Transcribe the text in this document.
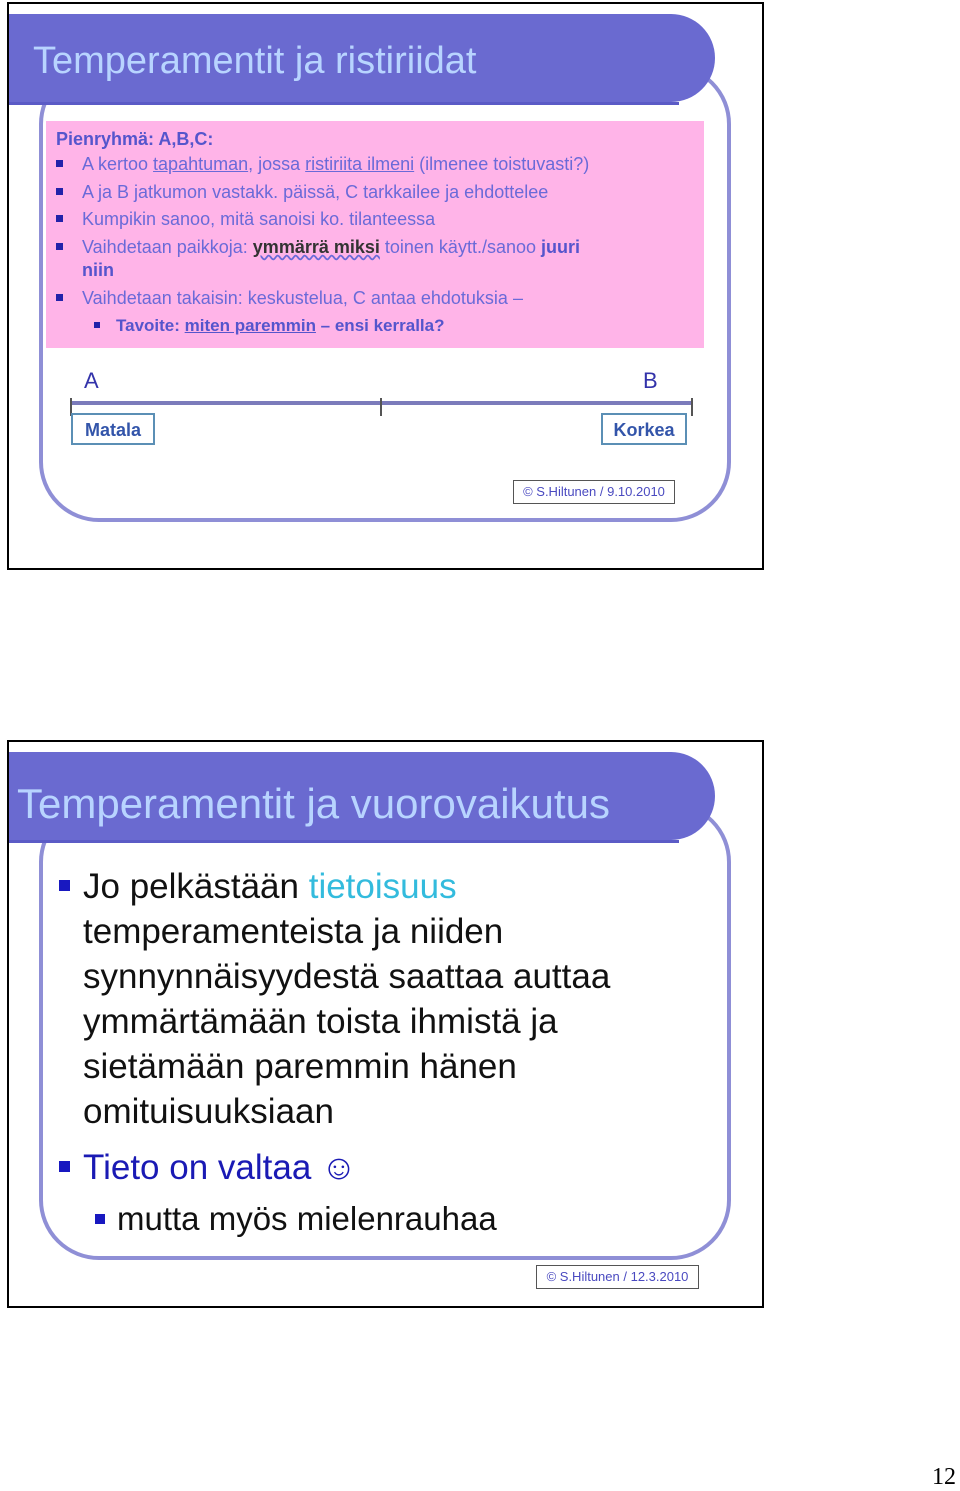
Temperamentit ja ristiriidat
Pienryhmä: A,B,C:
A kertoo tapahtuman, jossa ristiriita ilmeni (ilmenee toistuvasti?)
A ja B jatkumon vastakk. päissä, C tarkkailee ja ehdottelee
Kumpikin sanoo, mitä sanoisi ko. tilanteessa
Vaihdetaan paikkoja: ymmärrä miksi toinen käytt./sanoo juuri
niin
Vaihdetaan takaisin: keskustelua, C antaa ehdotuksia –
Tavoite: miten paremmin – ensi kerralla?
A	B
Matala	Korkea
© S.Hiltunen / 9.10.2010
Temperamentit ja vuorovaikutus
Jo pelkästään tietoisuus
temperamenteista ja niiden
synnynnäisyydestä saattaa auttaa
ymmärtämään toista ihmistä ja
sietämään paremmin hänen
omituisuuksiaan
Tieto on valtaa ☺
mutta myös mielenrauhaa
© S.Hiltunen / 12.3.2010
12
